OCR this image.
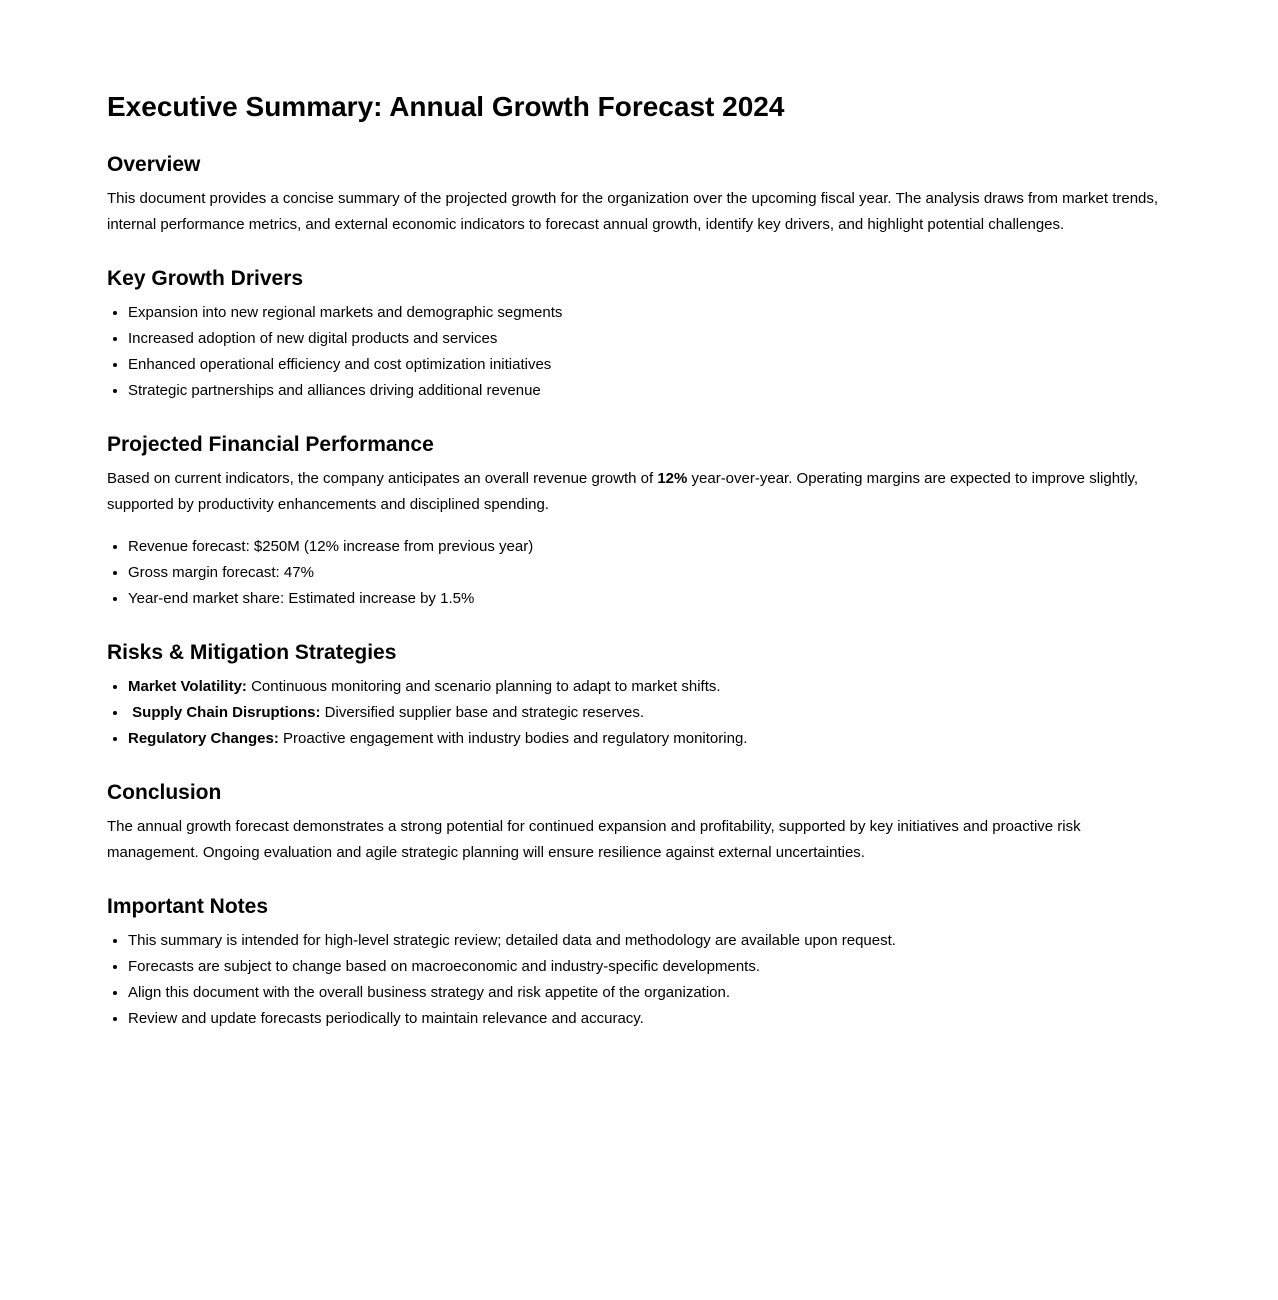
Executive Summary: Annual Growth Forecast 2024
Overview

This document provides a concise summary of the projected growth for the organization over the upcoming fiscal year. The analysis draws from market trends, internal performance metrics, and external economic indicators to forecast annual growth, identify key drivers, and highlight potential challenges.

Key Growth Drivers
• Expansion into new regional markets and demographic segments
• Increased adoption of new digital products and services
• Enhanced operational efficiency and cost optimization initiatives
• Strategic partnerships and alliances driving additional revenue
Projected Financial Performance

Based on current indicators, the company anticipates an overall revenue growth of 12% year-over-year. Operating margins are expected to improve slightly, supported by productivity enhancements and disciplined spending.

• Revenue forecast: $250M (12% increase from previous year)
• Gross margin forecast: 47%
• Year-end market share: Estimated increase by 1.5%
Risks & Mitigation Strategies
• Market Volatility: Continuous monitoring and scenario planning to adapt to market shifts.
•  Supply Chain Disruptions: Diversified supplier base and strategic reserves.
• Regulatory Changes: Proactive engagement with industry bodies and regulatory monitoring.
Conclusion

The annual growth forecast demonstrates a strong potential for continued expansion and profitability, supported by key initiatives and proactive risk management. Ongoing evaluation and agile strategic planning will ensure resilience against external uncertainties.

Important Notes
• This summary is intended for high-level strategic review; detailed data and methodology are available upon request.
• Forecasts are subject to change based on macroeconomic and industry-specific developments.
• Align this document with the overall business strategy and risk appetite of the organization.
• Review and update forecasts periodically to maintain relevance and accuracy.
